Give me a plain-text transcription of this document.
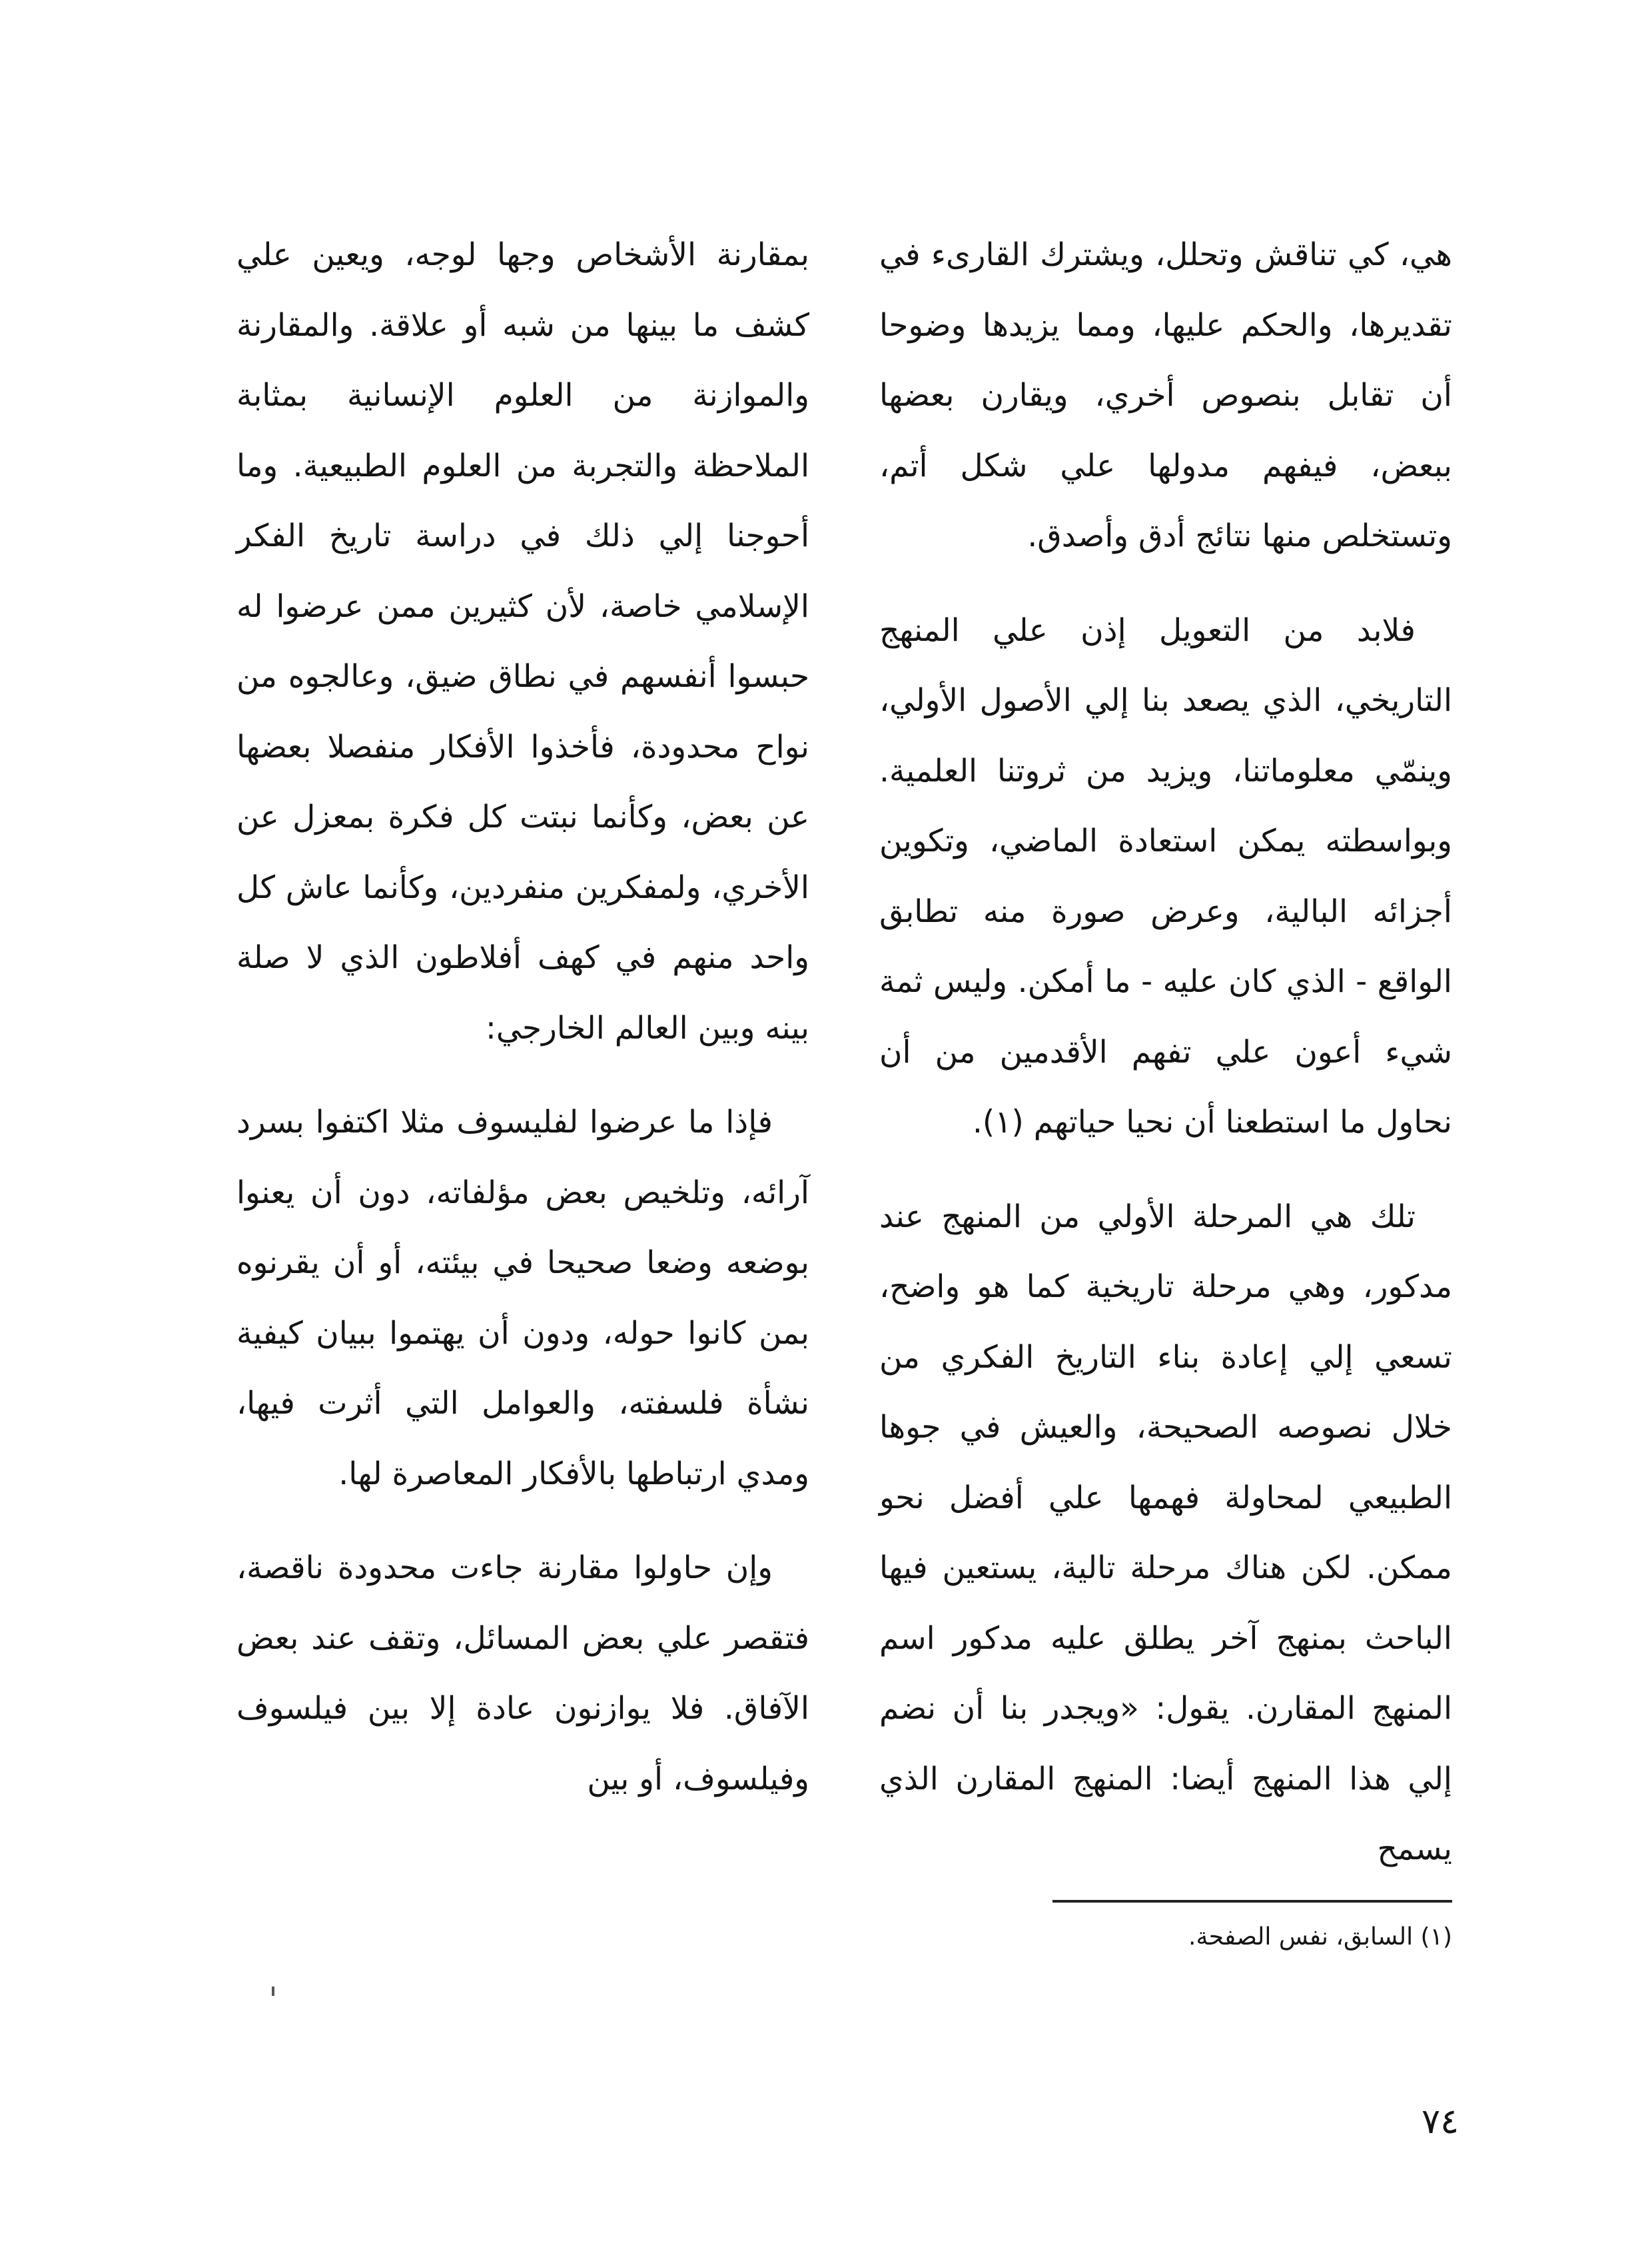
هي، كي تناقش وتحلل، ويشترك القارىء في تقديرها، والحكم عليها، ومما يزيدها وضوحا أن تقابل بنصوص أخري، ويقارن بعضها ببعض، فيفهم مدولها علي شكل أتم، وتستخلص منها نتائج أدق وأصدق.

فلابد من التعويل إذن علي المنهج التاريخي، الذي يصعد بنا إلي الأصول الأولي، وينمّي معلوماتنا، ويزيد من ثروتنا العلمية. وبواسطته يمكن استعادة الماضي، وتكوين أجزائه البالية، وعرض صورة منه تطابق الواقع - الذي كان عليه - ما أمكن. وليس ثمة شيء أعون علي تفهم الأقدمين من أن نحاول ما استطعنا أن نحيا حياتهم (١).

تلك هي المرحلة الأولي من المنهج عند مدكور، وهي مرحلة تاريخية كما هو واضح، تسعي إلي إعادة بناء التاريخ الفكري من خلال نصوصه الصحيحة، والعيش في جوها الطبيعي لمحاولة فهمها علي أفضل نحو ممكن. لكن هناك مرحلة تالية، يستعين فيها الباحث بمنهج آخر يطلق عليه مدكور اسم المنهج المقارن. يقول: «ويجدر بنا أن نضم إلي هذا المنهج أيضا: المنهج المقارن الذي يسمح

بمقارنة الأشخاص وجها لوجه، ويعين علي كشف ما بينها من شبه أو علاقة. والمقارنة والموازنة من العلوم الإنسانية بمثابة الملاحظة والتجربة من العلوم الطبيعية. وما أحوجنا إلي ذلك في دراسة تاريخ الفكر الإسلامي خاصة، لأن كثيرين ممن عرضوا له حبسوا أنفسهم في نطاق ضيق، وعالجوه من نواح محدودة، فأخذوا الأفكار منفصلا بعضها عن بعض، وكأنما نبتت كل فكرة بمعزل عن الأخري، ولمفكرين منفردين، وكأنما عاش كل واحد منهم في كهف أفلاطون الذي لا صلة بينه وبين العالم الخارجي:

فإذا ما عرضوا لفليسوف مثلا اكتفوا بسرد آرائه، وتلخيص بعض مؤلفاته، دون أن يعنوا بوضعه وضعا صحيحا في بيئته، أو أن يقرنوه بمن كانوا حوله، ودون أن يهتموا ببيان كيفية نشأة فلسفته، والعوامل التي أثرت فيها، ومدي ارتباطها بالأفكار المعاصرة لها.

وإن حاولوا مقارنة جاءت محدودة ناقصة، فتقصر علي بعض المسائل، وتقف عند بعض الآفاق. فلا يوازنون عادة إلا بين فيلسوف وفيلسوف، أو بين

(١) السابق، نفس الصفحة.
٧٤
